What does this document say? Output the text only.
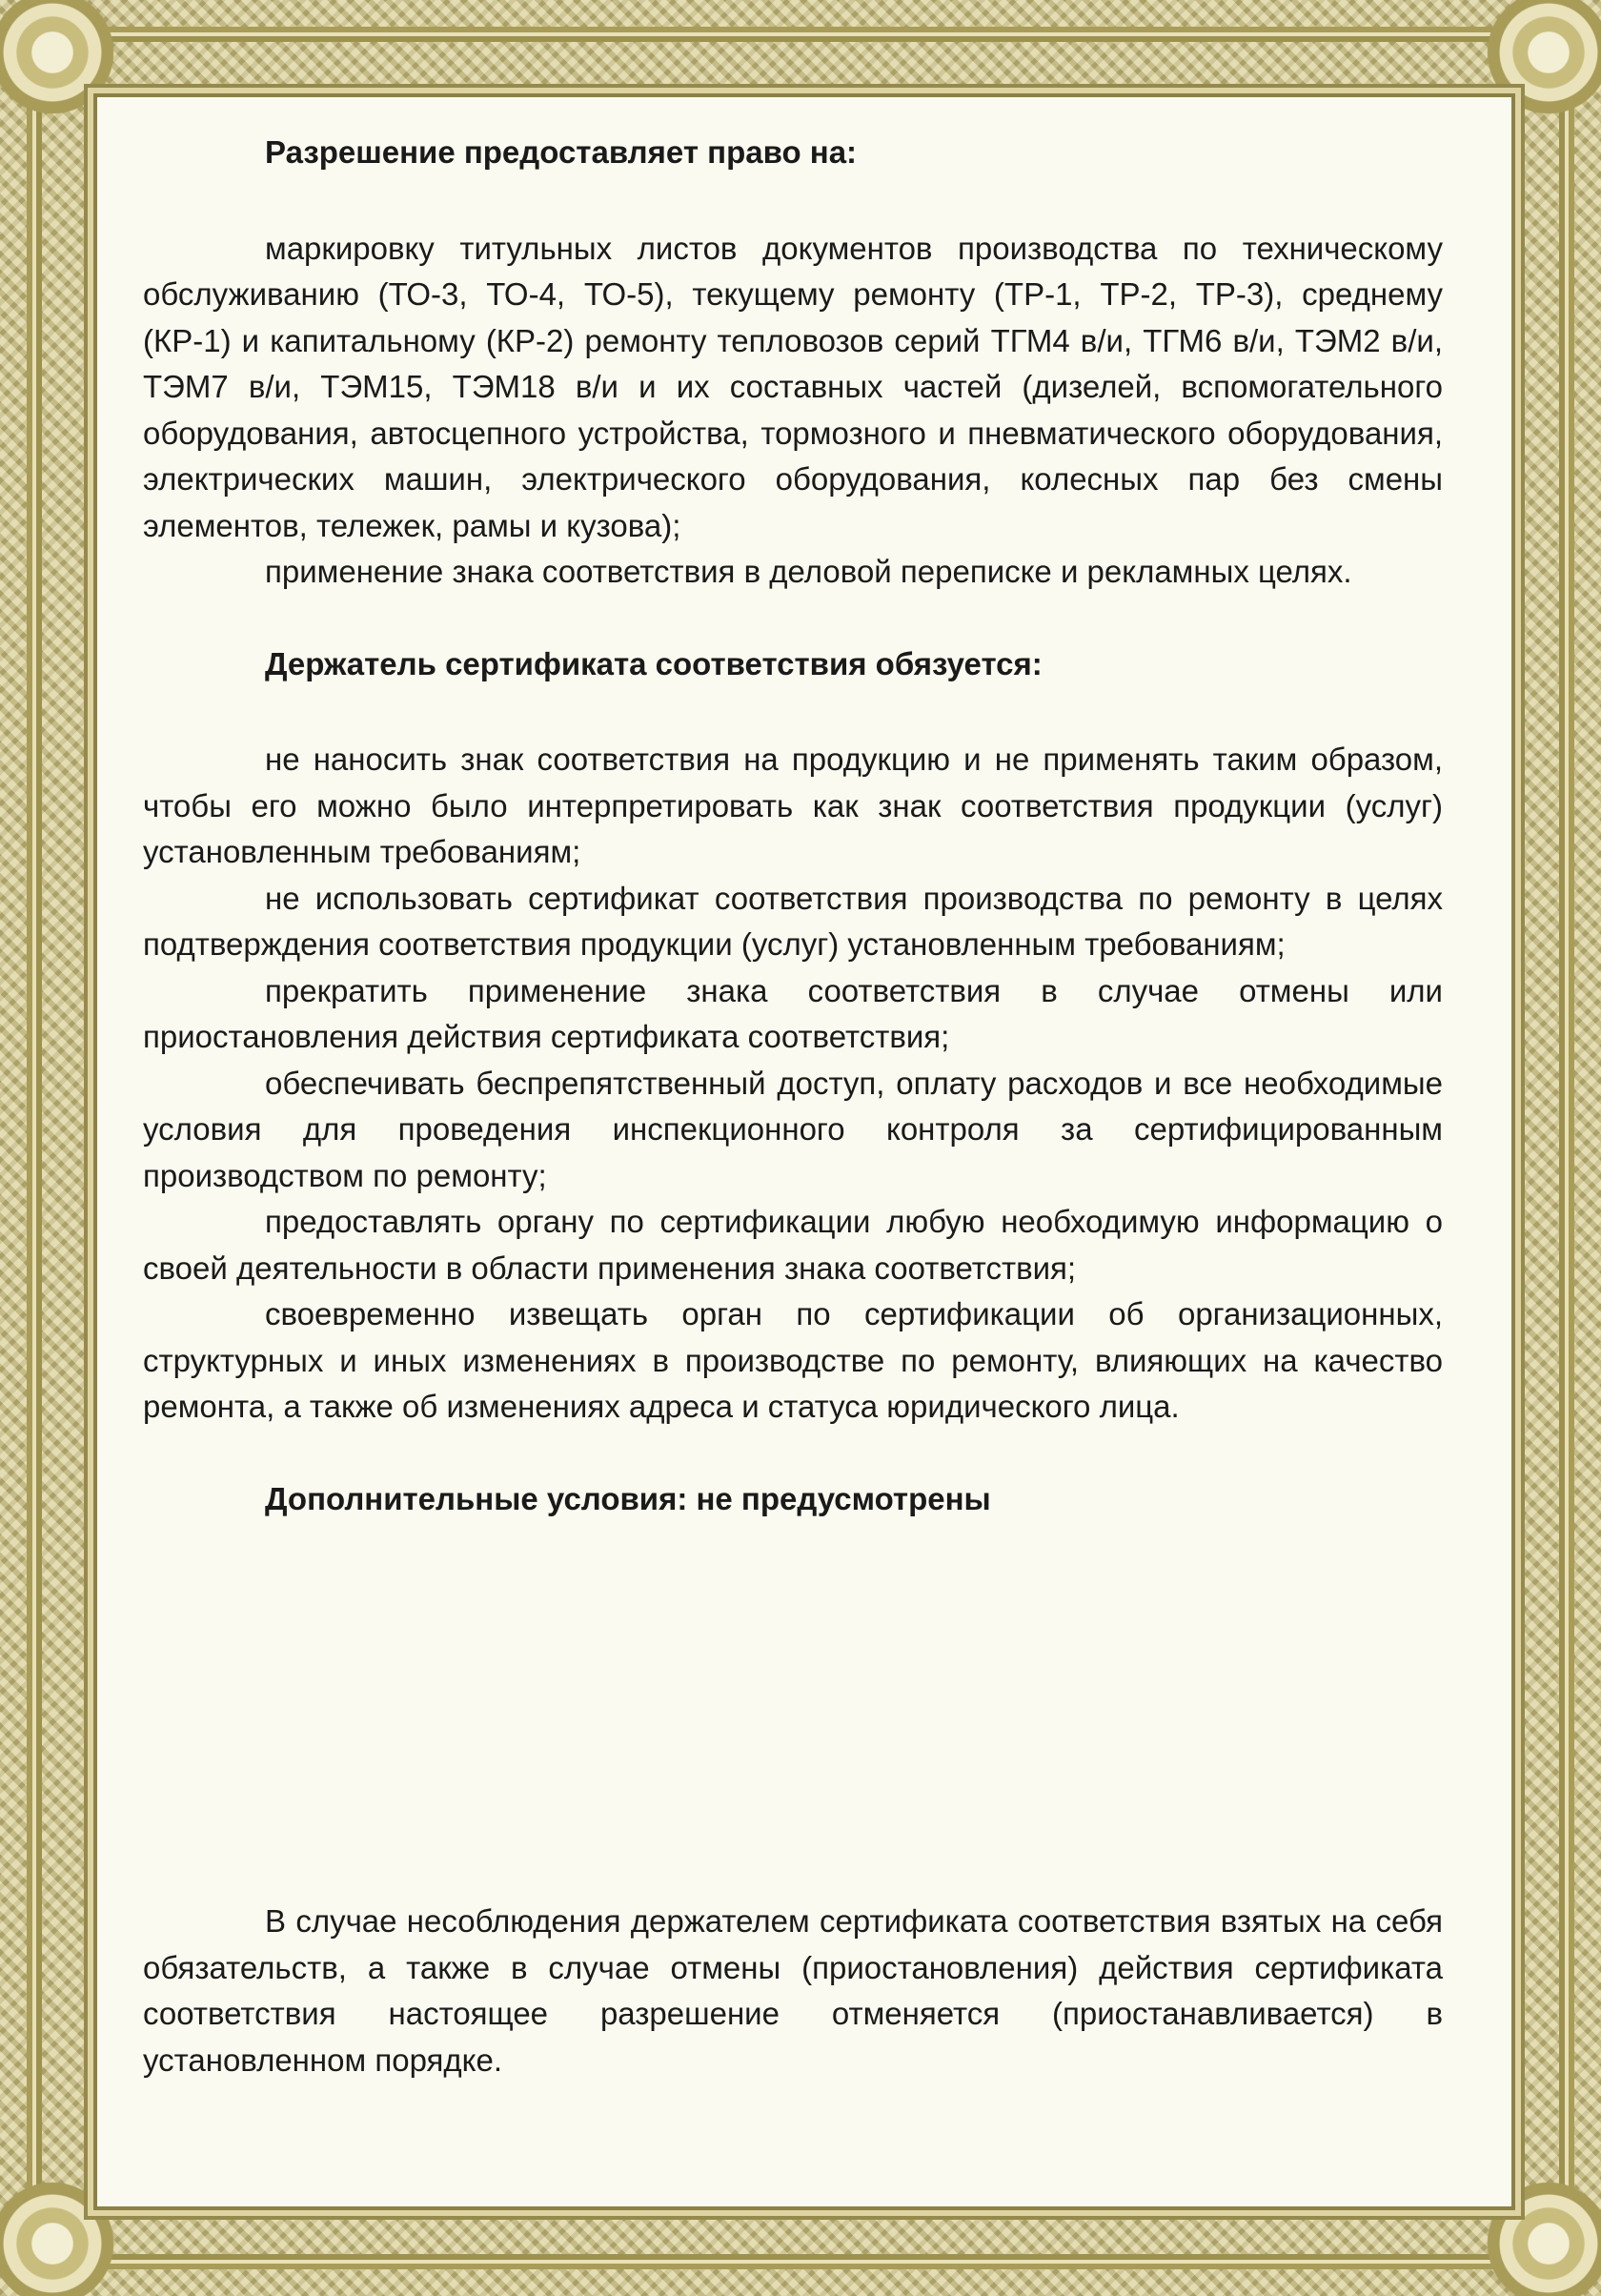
Разрешение предоставляет право на:

маркировку титульных листов документов производства по техническому обслуживанию (ТО-3, ТО-4, ТО-5), текущему ремонту (ТР-1, ТР-2, ТР-3), среднему (КР-1) и капитальному (КР-2) ремонту тепловозов серий ТГМ4 в/и, ТГМ6 в/и, ТЭМ2 в/и, ТЭМ7 в/и, ТЭМ15, ТЭМ18 в/и и их составных частей (дизелей, вспомогательного оборудования, автосцепного устройства, тормозного и пневматического оборудования, электрических машин, электрического оборудования, колесных пар без смены элементов, тележек, рамы и кузова);

применение знака соответствия в деловой переписке и рекламных целях.

Держатель сертификата соответствия обязуется:

не наносить знак соответствия на продукцию и не применять таким образом, чтобы его можно было интерпретировать как знак соответствия продукции (услуг) установленным требованиям;

не использовать сертификат соответствия производства по ремонту в целях подтверждения соответствия продукции (услуг) установленным требованиям;

прекратить применение знака соответствия в случае отмены или приостановления действия сертификата соответствия;

обеспечивать беспрепятственный доступ, оплату расходов и все необходимые условия для проведения инспекционного контроля за сертифицированным производством по ремонту;

предоставлять органу по сертификации любую необходимую информацию о своей деятельности в области применения знака соответствия;

своевременно извещать орган по сертификации об организационных, структурных и иных изменениях в производстве по ремонту, влияющих на качество ремонта, а также об изменениях адреса и статуса юридического лица.

Дополнительные условия: не предусмотрены

В случае несоблюдения держателем сертификата соответствия взятых на себя обязательств, а также в случае отмены (приостановления) действия сертификата соответствия настоящее разрешение отменяется (приостанавливается) в установленном порядке.
